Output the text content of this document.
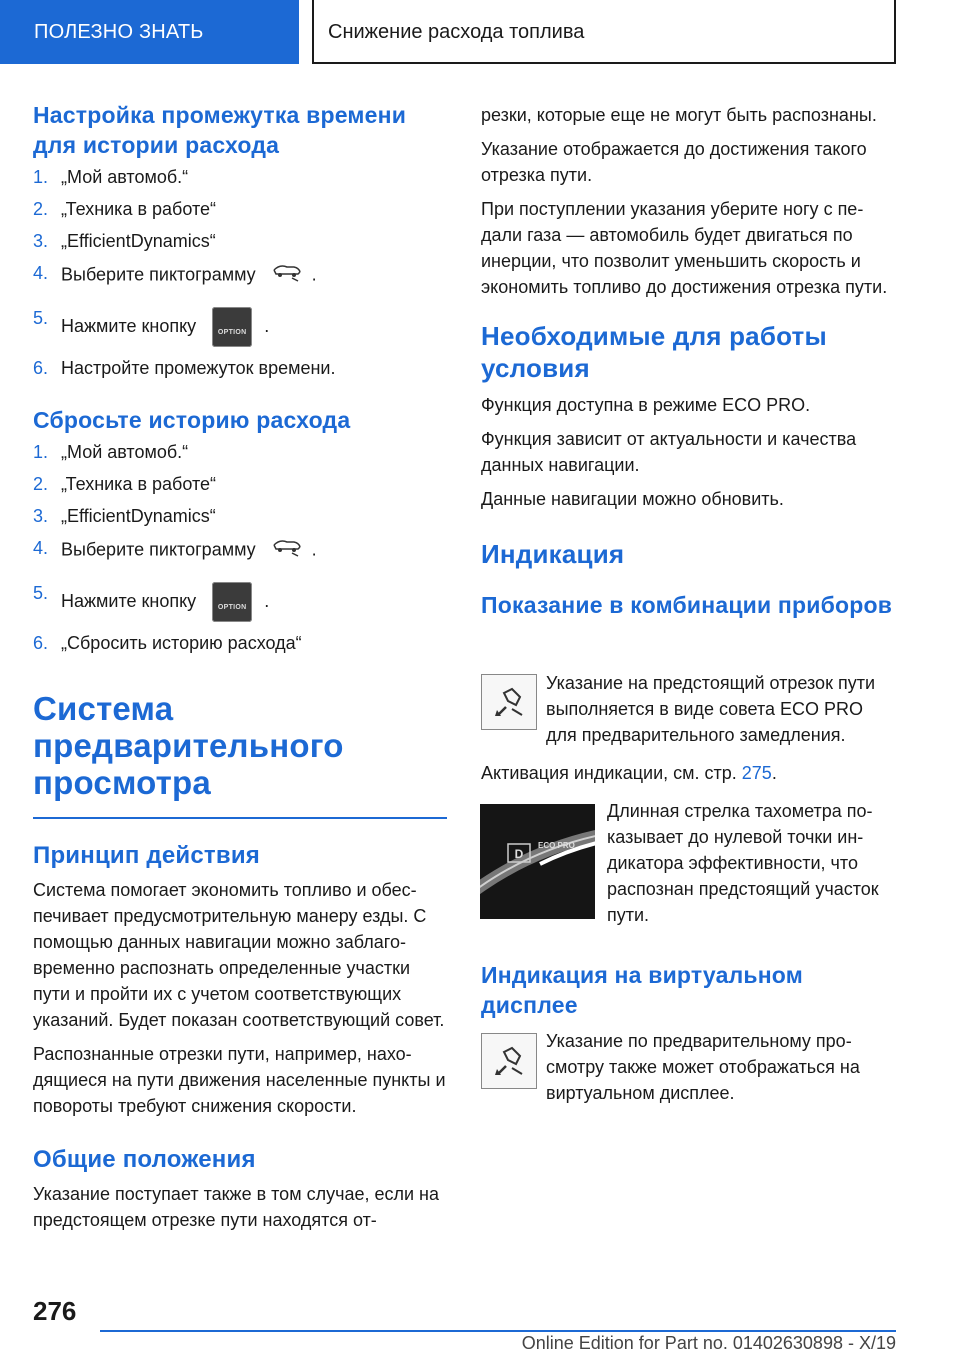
ПОЛЕЗНО ЗНАТЬ	Снижение расхода топлива
Настройка промежутка времени для истории расхода
1. „Мой автомоб.“
2. „Техника в работе“
3. „EfficientDynamics“
4. Выберите пиктограмму	.
5. Нажмите кнопку	OPTION .
6. Настройте промежуток времени.
Сбросьте историю расхода
1. „Мой автомоб.“
2. „Техника в работе“
3. „EfficientDynamics“
4. Выберите пиктограмму	.
5. Нажмите кнопку	OPTION .
6. „Сбросить историю расхода“
Система предварительного просмотра
Принцип действия

Система помогает экономить топливо и обеспечивает предусмотрительную манеру езды. С помощью данных навигации можно заблаговременно распознать определенные участки пути и пройти их с учетом соответствующих указаний. Будет показан соответствующий совет.

Распознанные отрезки пути, например, находящиеся на пути движения населенные пункты и повороты требуют снижения скорости.

Общие положения

Указание поступает также в том случае, если на предстоящем отрезке пути находятся от-

резки, которые еще не могут быть распознаны.

Указание отображается до достижения такого отрезка пути.

При поступлении указания уберите ногу с педали газа — автомобиль будет двигаться по инерции, что позволит уменьшить скорость и экономить топливо до достижения отрезка пути.

Необходимые для работы условия

Функция доступна в режиме ECO PRO.

Функция зависит от актуальности и качества данных навигации.

Данные навигации можно обновить.

Индикация
Показание в комбинации приборов

Указание на предстоящий отрезок пути выполняется в виде совета ECO PRO для предварительного замедления.

Активация индикации, см. стр. 275.

D
ECO PRO

Длинная стрелка тахометра показывает до нулевой точки индикатора эффективности, что распознан предстоящий участок пути.

Индикация на виртуальном дисплее

Указание по предварительному просмотру также может отображаться на виртуальном дисплее.

276
Online Edition for Part no. 01402630898 - X/19
